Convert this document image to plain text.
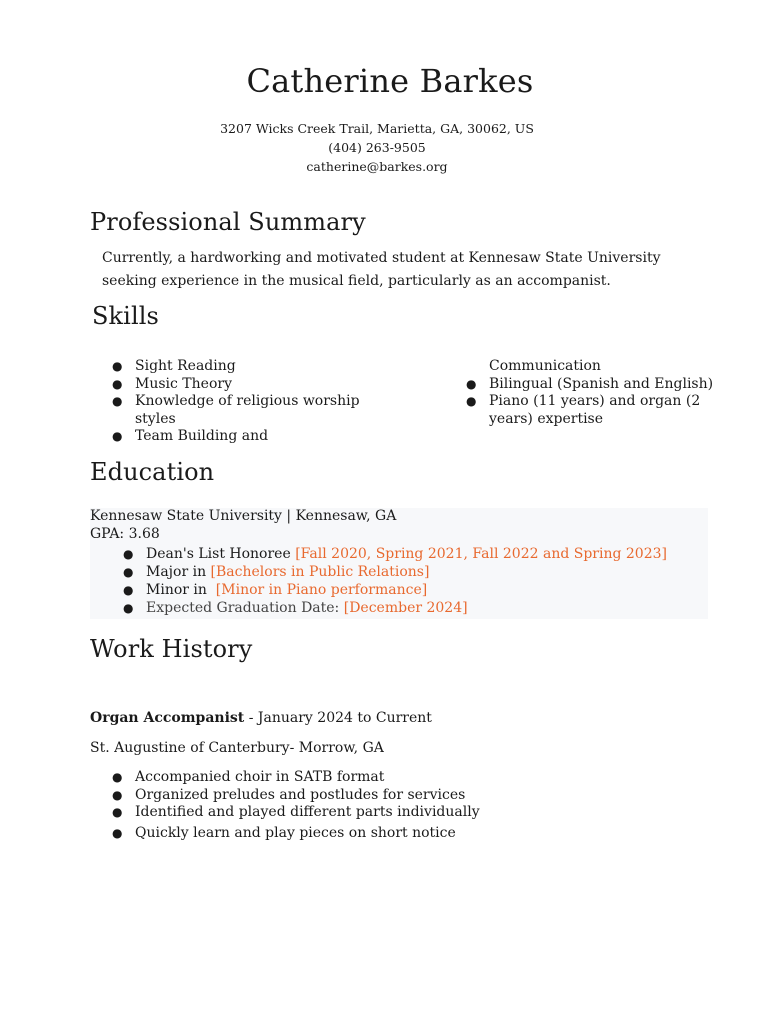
Catherine Barkes
3207 Wicks Creek Trail, Marietta, GA, 30062, US
(404) 263-9505
catherine@barkes.org
Professional Summary
Currently, a hardworking and motivated student at Kennesaw State University seeking experience in the musical field, particularly as an accompanist.
Skills
● Sight Reading
● Music Theory
● Knowledge of religious worship styles
● Team Building and
Communication
● Bilingual (Spanish and English)
● Piano (11 years) and organ (2 years) expertise
Education
Kennesaw State University | Kennesaw, GA
GPA: 3.68
● Dean's List Honoree [Fall 2020, Spring 2021, Fall 2022 and Spring 2023]
● Major in [Bachelors in Public Relations]
● Minor in  [Minor in Piano performance]
● Expected Graduation Date: [December 2024]
Work History
Organ Accompanist - January 2024 to Current
St. Augustine of Canterbury- Morrow, GA
● Accompanied choir in SATB format
● Organized preludes and postludes for services
● Identified and played different parts individually
● Quickly learn and play pieces on short notice
